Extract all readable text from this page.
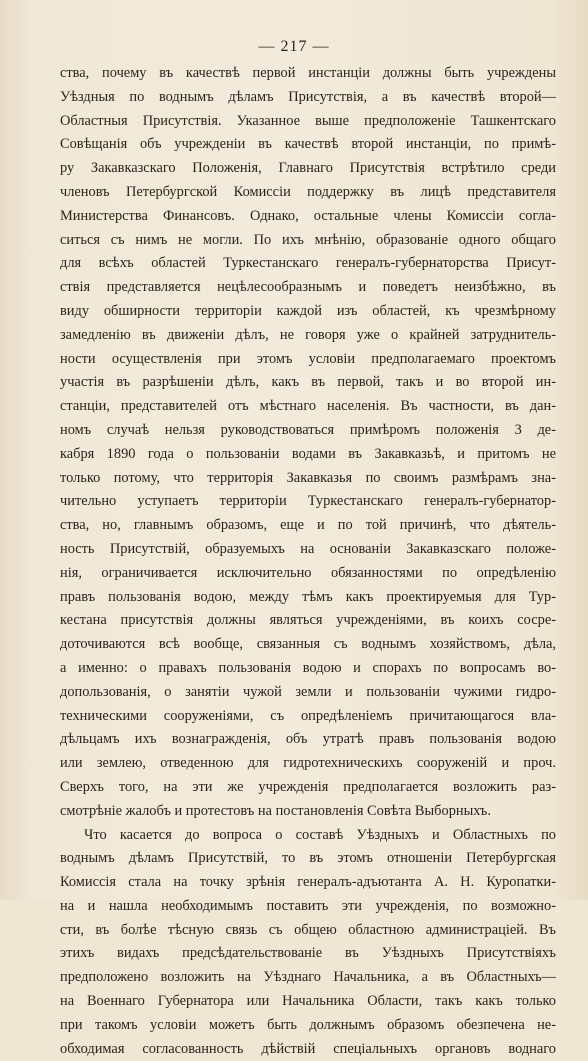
— 217 —
ства, почему въ качествѣ первой инстанціи должны быть учреждены
Уѣздныя по воднымъ дѣламъ Присутствія, а въ качествѣ второй—
Областныя Присутствія. Указанное выше предположеніе Ташкентскаго
Совѣщанія объ учрежденіи въ качествѣ второй инстанціи, по примѣ-
ру Закавказскаго Положенія, Главнаго Присутствія встрѣтило среди
членовъ Петербургской Комиссіи поддержку въ лицѣ представителя
Министерства Финансовъ. Однако, остальные члены Комиссіи согла-
ситься съ нимъ не могли. По ихъ мнѣнію, образованіе одного общаго
для всѣхъ областей Туркестанскаго генералъ-губернаторства Присут-
ствія представляется нецѣлесообразнымъ и поведетъ неизбѣжно, въ
виду обширности территоріи каждой изъ областей, къ чрезмѣрному
замедленію въ движеніи дѣлъ, не говоря уже о крайней затруднитель-
ности осуществленія при этомъ условіи предполагаемаго проектомъ
участія въ разрѣшеніи дѣлъ, какъ въ первой, такъ и во второй ин-
станціи, представителей отъ мѣстнаго населенія. Въ частности, въ дан-
номъ случаѣ нельзя руководствоваться примѣромъ положенія 3 де-
кабря 1890 года о пользованіи водами въ Закавказьѣ, и притомъ не
только потому, что территорія Закавказья по своимъ размѣрамъ зна-
чительно уступаетъ территоріи Туркестанскаго генералъ-губернатор-
ства, но, главнымъ образомъ, еще и по той причинѣ, что дѣятель-
ность Присутствій, образуемыхъ на основаніи Закавказскаго положе-
нія, ограничивается исключительно обязанностями по опредѣленію
правъ пользованія водою, между тѣмъ какъ проектируемыя для Тур-
кестана присутствія должны являться учрежденіями, въ коихъ сосре-
доточиваются всѣ вообще, связанныя съ воднымъ хозяйствомъ, дѣла,
а именно: о правахъ пользованія водою и спорахъ по вопросамъ во-
допользованія, о занятіи чужой земли и пользованіи чужими гидро-
техническими сооруженіями, съ опредѣленіемъ причитающагося вла-
дѣльцамъ ихъ вознагражденія, объ утратѣ правъ пользованія водою
или землею, отведенною для гидротехническихъ сооруженій и проч.
Сверхъ того, на эти же учрежденія предполагается возложить раз-
смотрѣніе жалобъ и протестовъ на постановленія Совѣта Выборныхъ.
Что касается до вопроса о составѣ Уѣздныхъ и Областныхъ по
воднымъ дѣламъ Присутствій, то въ этомъ отношеніи Петербургская
Комиссія стала на точку зрѣнія генералъ-адъютанта А. Н. Куропатки-
на и нашла необходимымъ поставить эти учрежденія, по возможно-
сти, въ болѣе тѣсную связь съ общею областною администраціей. Въ
этихъ видахъ предсѣдательствованіе въ Уѣздныхъ Присутствіяхъ
предположено возложить на Уѣзднаго Начальника, а въ Областныхъ—
на Военнаго Губернатора или Начальника Области, такъ какъ только
при такомъ условіи можетъ быть должнымъ образомъ обезпечена не-
обходимая согласованность дѣйствій спеціальныхъ органовъ воднаго
